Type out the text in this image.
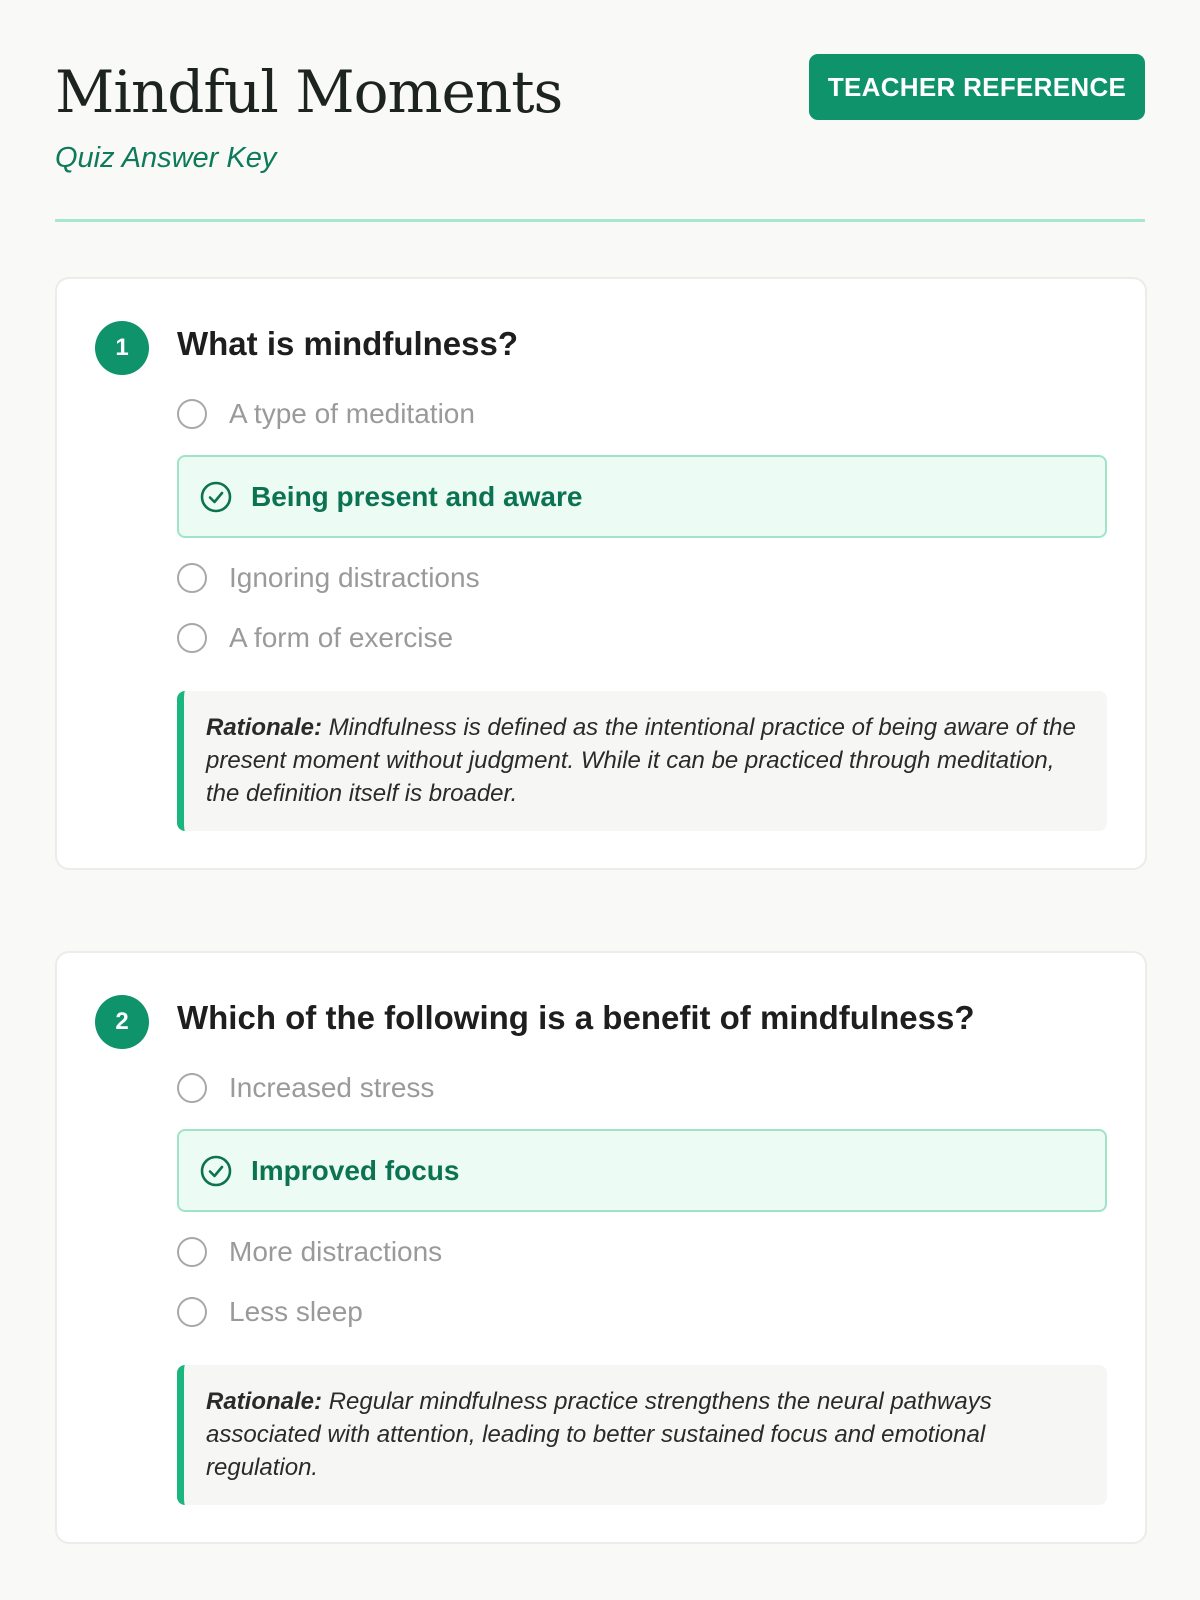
Mindful Moments
Quiz Answer Key
TEACHER REFERENCE
1	What is mindfulness?
A type of meditation
Being present and aware
Ignoring distractions
A form of exercise
Rationale: Mindfulness is defined as the intentional practice of being aware of the present moment without judgment. While it can be practiced through meditation, the definition itself is broader.
2	Which of the following is a benefit of mindfulness?
Increased stress
Improved focus
More distractions
Less sleep
Rationale: Regular mindfulness practice strengthens the neural pathways associated with attention, leading to better sustained focus and emotional regulation.
